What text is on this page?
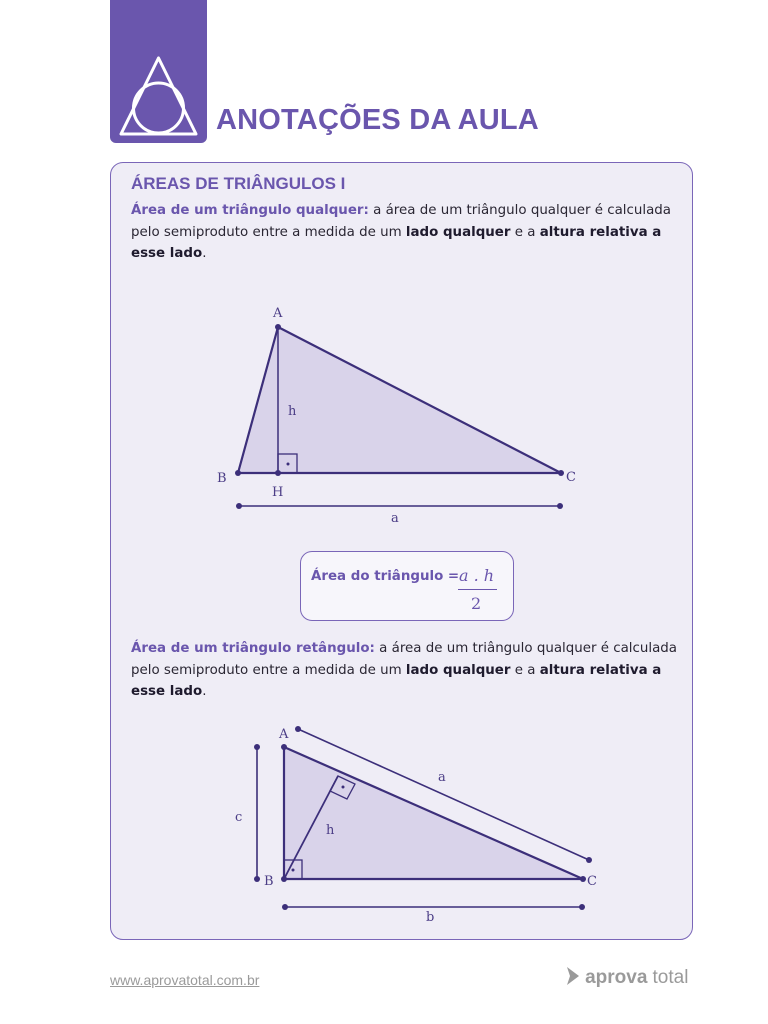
ANOTAÇÕES DA AULA
ÁREAS DE TRIÂNGULOS I
Área de um triângulo qualquer: a área de um triângulo qualquer é calculada pelo semiproduto entre a medida de um lado qualquer e a altura relativa a esse lado.
A
B	C
H
h
a
Área do triângulo = a . h
2
Área de um triângulo retângulo: a área de um triângulo qualquer é calculada pelo semiproduto entre a medida de um lado qualquer e a altura relativa a esse lado.
A
B	C
a
b
c
h
www.aprovatotal.com.br	aprova total
